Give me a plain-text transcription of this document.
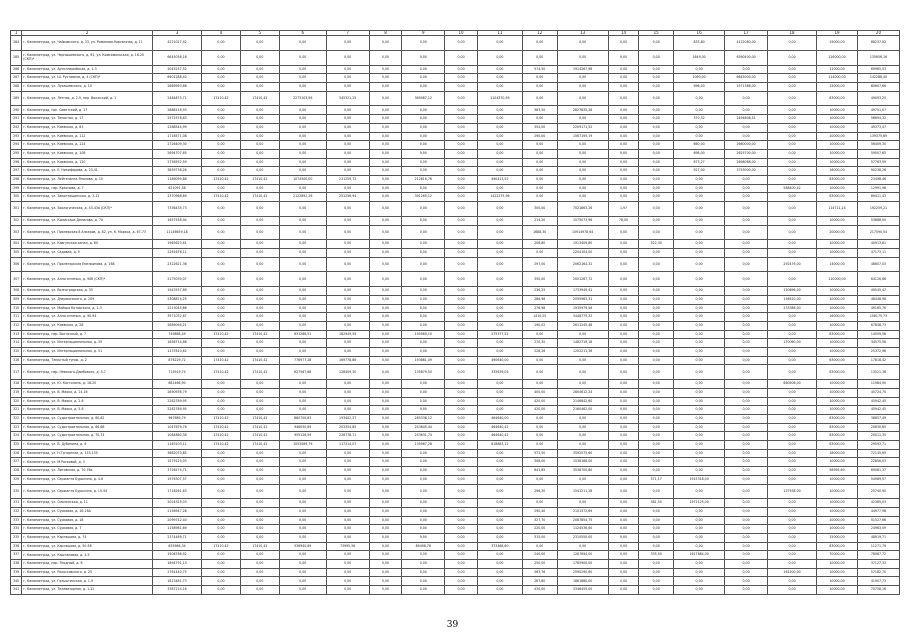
1	2	3	4	5	6	7	8	9	10	11	12	13	14	15	16	17	18	19	20
284	г. Калининград, ул. Чайковского, д. 33, ул. Романова-Кирпичная, д. 11	4221027,92	0,00	0,00	0,00	0,00	0,00	0,00	0,00	0,00	0,00	0,00	0,00	0,00	833,80	4122080,00	0,00	19000,00	88237,92
285	г. Калининград, ул. Чернышевского, д. 61, ул. Комсомольская, д. 16-20 (СКП)*	6645056,16	0,00	0,00	0,00	0,00	0,00	0,00	0,00	0,00	0,00	0,00	0,00	0,00	1649,00	6390400,00	0,00	116000,00	135656,16
286	г. Калининград, ул. Артиллерийская, д. 1-3	2045237,52	0,00	0,00	0,00	0,00	0,00	0,00	0,00	0,00	574,50	1914267,98	0,00	0,00	0,00	0,00	0,00	11000,00	69965,53
287	г. Калининград, ул. Ш. Руставели, д. 4 (СКП)*	6901288,40	0,00	0,00	0,00	0,00	0,00	0,00	0,00	0,00	0,00	0,00	0,00	0,00	1090,00	6645000,00	0,00	114000,00	142288,40
288	г. Калининград, ул. Лукашевского, д. 10	2669993,66	0,00	0,00	0,00	0,00	0,00	0,00	0,00	0,00	0,00	0,00	0,00	0,00	996,00	2571386,00	0,00	15000,00	80607,66
289	г. Калининград, ул. Летняя, д. 2-9, пер. Волжский, д. 1	2464875,71	17410,42	17410,42	2273103,56	345321,25	0,00	369087,12	0,00	1104370,59	0,00	0,00	0,00	0,00	0,00	0,00	0,00	63000,00	49093,25
290	г. Калининград, пос. Советский, д. 17	2888116,93	0,00	0,00	0,00	0,00	0,00	0,00	0,00	0,00	383,50	2827835,28	0,00	0,00	0,00	0,00	0,00	10000,00	49701,07
291	г. Калининград, ул. Тенистая, д. 17	2572578,83	0,00	0,00	0,00	0,00	0,00	0,00	0,00	0,00	0,00	0,00	0,00	0,00	370,32	2494808,51	0,00	10000,00	56694,32
292	г. Калининград, ул. Киевская, д. 83	2268544,99	0,00	0,00	0,00	0,00	0,00	0,00	0,00	0,00	354,00	2209171,52	0,00	0,00	0,00	0,00	0,00	10000,00	49373,47
293	г. Калининград, ул. Киевская, д. 112	1716571,08	0,00	0,00	0,00	0,00	0,00	0,00	0,00	0,00	290,00	1567195,19	0,00	0,00	0,00	0,00	0,00	10000,00	139375,89
294	г. Калининград, ул. Киевская, д. 124	2726409,30	0,00	0,00	0,00	0,00	0,00	0,00	0,00	0,00	0,00	0,00	0,00	0,00	660,00	2660000,00	0,00	10000,00	56409,30
295	г. Калининград, ул. Киевская, д. 108	2694707,65	0,00	0,00	0,00	0,00	0,00	0,00	0,00	0,00	0,00	0,00	0,00	0,00	698,00	2625700,00	0,00	10000,00	59007,65
296	г. Калининград, ул. Киевская, д. 120	2756552,59	0,00	0,00	0,00	0,00	0,00	0,00	0,00	0,00	0,00	0,00	0,00	0,00	673,27	2698088,00	0,00	10000,00	57763,59
297	г. Калининград, ул. Е. Никифорова, д. 23-41	3859738,26	0,00	0,00	0,00	0,00	0,00	0,00	0,00	0,00	0,00	0,00	0,00	0,00	927,00	3753000,00	0,00	16000,00	90238,26
298	г. Калининград, ул. Лейтенанта Яналова, д. 10	1189099,88	17410,42	17410,42	1074500,00	211259,72	0,00	212616,76	0,00	490413,52	0,00	0,00	0,00	0,00	0,00	0,00	0,00	63000,00	23498,46
299	г. Калининград, пер. Краснова, д. 7	621091,58	0,00	0,00	0,00	0,00	0,00	0,00	0,00	0,00	0,00	0,00	0,00	0,00	0,00	0,00	588400,42	10000,00	12991,96
300	г. Калининград, ул. Закоптищинская, д. 3-12	2370968,89	17410,42	17410,42	2122892,26	251258,94	0,00	391265,12	0,00	1422275,96	0,00	0,00	0,00	0,00	0,00	0,00	0,00	63000,00	89411,43
301	г. Калининград, ул. Зоологическая, д. 43-43а (СКП)*	7336435,73	0,00	0,00	0,00	0,00	0,00	0,00	0,00	0,00	300,00	7021863,26	1,97	0,00	0,00	0,00	0,00	114711,24	192259,21
302	г. Калининград, ул. Комиссара Денисова, д. 7А	1657558,94	0,00	0,00	0,00	0,00	0,00	0,00	0,00	0,00	214,20	1575073,96	78,00	0,00	0,00	0,00	0,00	10000,00	53688,50
303	г. Калининград, ул. Пионерская 8 Анкеров, д. 82, ул. К. Маркса, д. 67-73	11146659,18	0,00	0,00	0,00	0,00	0,00	0,00	0,00	0,00	1688,30	10914978,64	0,00	0,00	0,00	0,00	0,00	20000,00	217590,54
304	г. Калининград, ул. Кавгунская канал, д. 60	1963623,61	0,00	0,00	0,00	0,00	0,00	0,00	0,00	0,00	206,80	1913409,80	0,00	522,30	0,00	0,00	0,00	10000,00	40913,61
305	г. Калининград, ул. Садовая, д. 9	2261676,11	0,00	0,00	0,00	0,00	0,00	0,00	0,00	0,00	0,00	2204104,00	0,00	0,00	0,00	0,00	0,00	10000,00	47173,11
306	г. Калининград, ул. Пролетарская Емельянова, д. 168	2322621,36	0,00	0,00	0,00	0,00	0,00	0,00	0,00	0,00	297,00	2062164,32	0,00	0,00	0,00	0,00	292476,00	14000,00	48607,03
307	г. Калининград, ул. Алли огненых, д. 90б (СКП)*	2175039,07	0,00	0,00	0,00	0,00	0,00	0,00	0,00	0,00	350,00	2001267,72	0,00	0,00	0,00	0,00	0,00	110000,00	64126,66
308	г. Калининград, ул. Волгоградская, д. 35	1943537,89	0,00	0,00	0,00	0,00	0,00	0,00	0,00	0,00	236,25	1733949,41	0,00	0,00	0,00	0,00	150696,00	10000,00	49545,47
309	г. Калининград, ул. Дзержинского, д. 209	2308874,25	0,00	0,00	0,00	0,00	0,00	0,00	0,00	0,00	286,98	2095963,31	0,00	0,00	0,00	0,00	156520,00	10000,00	48448,98
310	г. Калининград, ул. Майора Котовского, д. 1-3	2213045,66	0,00	0,00	0,00	0,00	0,00	0,00	0,00	0,00	276,98	1935979,56	0,00	0,00	0,00	0,00	233386,00	10000,00	49165,76
311	г. Калининград, ул. Алли огненых, д. 90-94	3571032,67	0,00	0,00	0,00	0,00	0,00	0,00	0,00	0,00	1410,25	3448775,32	0,00	0,00	0,00	0,00	0,00	16000,00	158175,73
312	г. Калининград, ул. Киевская, д. 28	2689094,21	0,00	0,00	0,00	0,00	0,00	0,00	0,00	0,00	190,02	2611245,48	0,00	0,00	0,00	0,00	0,00	10000,00	67848,73
313	г. Калининград, пер. Восточный, д. 7	749868,49	17410,42	17410,42	631286,51	182949,59	0,00	195960,10	0,00	275377,52	0,00	0,00	0,00	0,00	0,00	0,00	0,00	63000,00	14509,56
314	г. Калининград, ул. Интернациональная, д. 35	1658714,86	0,00	0,00	0,00	0,00	0,00	0,00	0,00	0,00	270,30	1482719,18	0,00	0,00	0,00	0,00	170060,00	10000,00	34575,56
315	г. Калининград, ул. Интернациональная, д. 51	1237810,62	0,00	0,00	0,00	0,00	0,00	0,00	0,00	0,00	228,26	1202211,36	0,00	0,00	0,00	0,00	0,00	10000,00	25372,96
316	г. Калининград, Тенистый тупик, д. 2	876229,72	17410,42	17410,42	776977,28	169778,86	0,00	193861,09	0,00	490640,00	0,00	0,00	0,00	0,00	0,00	0,00	0,00	63000,00	17818,42
317	г. Калининград, пер. Невского-Дамбового, д. 5-7	715919,74	17410,42	17410,42	627567,68	128409,30	0,00	135879,50	0,00	335639,05	0,00	0,00	0,00	0,00	0,00	0,00	0,00	63000,00	13521,38
318	г. Калининград, ул. Ю. Костолина, д. 18-20	681466,90	0,00	0,00	0,00	0,00	0,00	0,00	0,00	0,00	0,00	0,00	0,00	0,00	0,00	0,00	680506,00	10000,00	11984,90
319	г. Калининград, ул. В. Маяка, д. 14-16	2890936,79	0,00	0,00	0,00	0,00	0,00	0,00	0,00	0,00	400,00	2804612,24	0,00	0,00	0,00	0,00	0,00	10000,00	45724,70
320	г. Калининград, ул. В. Маяка, д. 2-6	2282789,95	0,00	0,00	0,00	0,00	0,00	0,00	0,00	0,00	420,00	2146842,60	0,00	0,00	0,00	0,00	0,00	10000,00	45942,45
321	г. Калининград, ул. В. Маяка, д. 5-8	2282789,95	0,00	0,00	0,00	0,00	0,00	0,00	0,00	0,00	420,00	2160462,00	0,00	0,00	0,00	0,00	0,00	10000,00	45942,45
322	г. Калининград, ул. Судостроительная, д. 60-62	967689,79	17410,42	17410,42	860700,83	193402,27	0,00	285338,12	0,00	464640,00	0,00	0,00	0,00	0,00	0,00	0,00	0,00	63000,00	38857,49
323	г. Калининград, ул. Судостроительная, д. 66-68	1047679,76	17410,42	17410,42	946050,89	203354,85	0,00	243645,44	0,00	464640,42	0,00	0,00	0,00	0,00	0,00	0,00	0,00	63000,00	20630,65
324	г. Калининград, ул. Судостроительная, д. 70-74	1084880,38	17410,42	17410,42	955126,59	226778,71	0,00	253631,74	0,00	464640,42	0,00	0,00	0,00	0,00	0,00	0,00	0,00	63000,00	20011,35
325	г. Калининград, ул. В. Дубинина, д. 6	1163103,11	17410,42	17410,42	1053089,79	117314,07	0,00	135987,28	0,00	818883,12	0,00	0,00	0,00	0,00	0,00	0,00	0,00	63000,00	29593,71
326	г. Калининград, ул. Н.Тэгорелли, д. 153-155	3682070,85	0,00	0,00	0,00	0,00	0,00	0,00	0,00	0,00	572,50	3592575,60	0,00	0,00	0,00	0,00	0,00	18000,00	72145,95
327	г. Калининград, ул. М.Расковой, д. 3	1579125,03	0,00	0,00	0,00	0,00	0,00	0,00	0,00	0,00	308,00	1538168,00	0,00	0,00	0,00	0,00	0,00	10000,00	22856,03
328	г. Калининград, ул. Литовская, д. 70-76а	3726274,71	0,00	0,00	0,00	0,00	0,00	0,00	0,00	0,00	641,85	3538700,80	0,00	0,00	0,00	0,00	0,00	58995,60	69081,37
329	г. Калининград, ул. Сержанта Бурыгина, д. 4-6	1976307,57	0,00	0,00	0,00	0,00	0,00	0,00	0,00	0,00	0,00	0,00	0,00	571,17	1915318,00	0,00	0,00	10000,00	54989,57
330	г. Калининград, ул. Сержанта Бурыгина, д. 10-94	1716261,63	0,00	0,00	0,00	0,00	0,00	0,00	0,00	0,00	296,30	1541211,28	0,00	0,00	0,00	0,00	157938,00	10000,00	25740,90
331	г. Калининград, ул. Смоленская, д. 11	2024325,03	0,00	0,00	0,00	0,00	0,00	0,00	0,00	0,00	0,00	0,00	0,00	581,50	1972125,00	0,00	0,00	10000,00	42385,03
332	г. Калининград, ул. Сурковая, д. 16-16А	2156947,28	0,00	0,00	0,00	0,00	0,00	0,00	0,00	0,00	290,40	2101372,69	0,00	0,00	0,00	0,00	0,00	10000,00	44977,98
333	г. Калининград, ул. Сурковая, д. 18	2099742,40	0,00	0,00	0,00	0,00	0,00	0,00	0,00	0,00	327,70	2087854,75	0,00	0,00	0,00	0,00	0,00	10000,00	51527,66
334	г. Калининград, ул. Сурковая, д. 7	1158981,69	0,00	0,00	0,00	0,00	0,00	0,00	0,00	0,00	220,00	1124536,60	0,00	0,00	0,00	0,00	0,00	10000,00	24963,09
335	г. Калининград, ул. Карташова, д. 74	2374469,71	0,00	0,00	0,00	0,00	0,00	0,00	0,00	0,00	315,00	2310550,00	0,00	0,00	0,00	0,00	0,00	15000,00	48919,71
336	г. Калининград, ул. Карташова, д. 50-56	635986,34	17410,42	17410,42	536940,69	73995,56	0,00	89498,76	0,00	373468,60	0,00	0,00	0,00	0,00	0,00	0,00	0,00	63000,00	11271,79
337	г. Калининград, ул. Каштановая, д. 4-5	1906766,92	0,00	0,00	0,00	0,00	0,00	0,00	0,00	0,00	240,00	1287694,00	0,00	335,00	1617884,00	0,00	0,00	70000,00	78987,72
338	г. Калининград, пер. Ягодный, д. 6	1894791,13	0,00	0,00	0,00	0,00	0,00	0,00	0,00	0,00	250,00	1785900,00	0,00	0,00	0,00	0,00	0,00	10000,00	37127,33
339	г. Калининград, ул. Рокоссовского, д. 25	2761440,75	0,00	0,00	0,00	0,00	0,00	0,00	0,00	0,00	563,76	2590290,60	0,00	0,00	0,00	0,00	162200,00	10000,00	57182,70
340	г. Калининград, ул. Гольштинская, д. 1-9	1813481,73	0,00	0,00	0,00	0,00	0,00	0,00	0,00	0,00	267,80	1861880,00	0,00	0,00	0,00	0,00	0,00	10000,00	41907,73
341	г. Калининград, ул. Телевизорная, д. 1-12	3387214,16	0,00	0,00	0,00	0,00	0,00	0,00	0,00	0,00	430,00	3346455,00	0,00	0,00	0,00	0,00	0,00	10000,00	70758,16
39
